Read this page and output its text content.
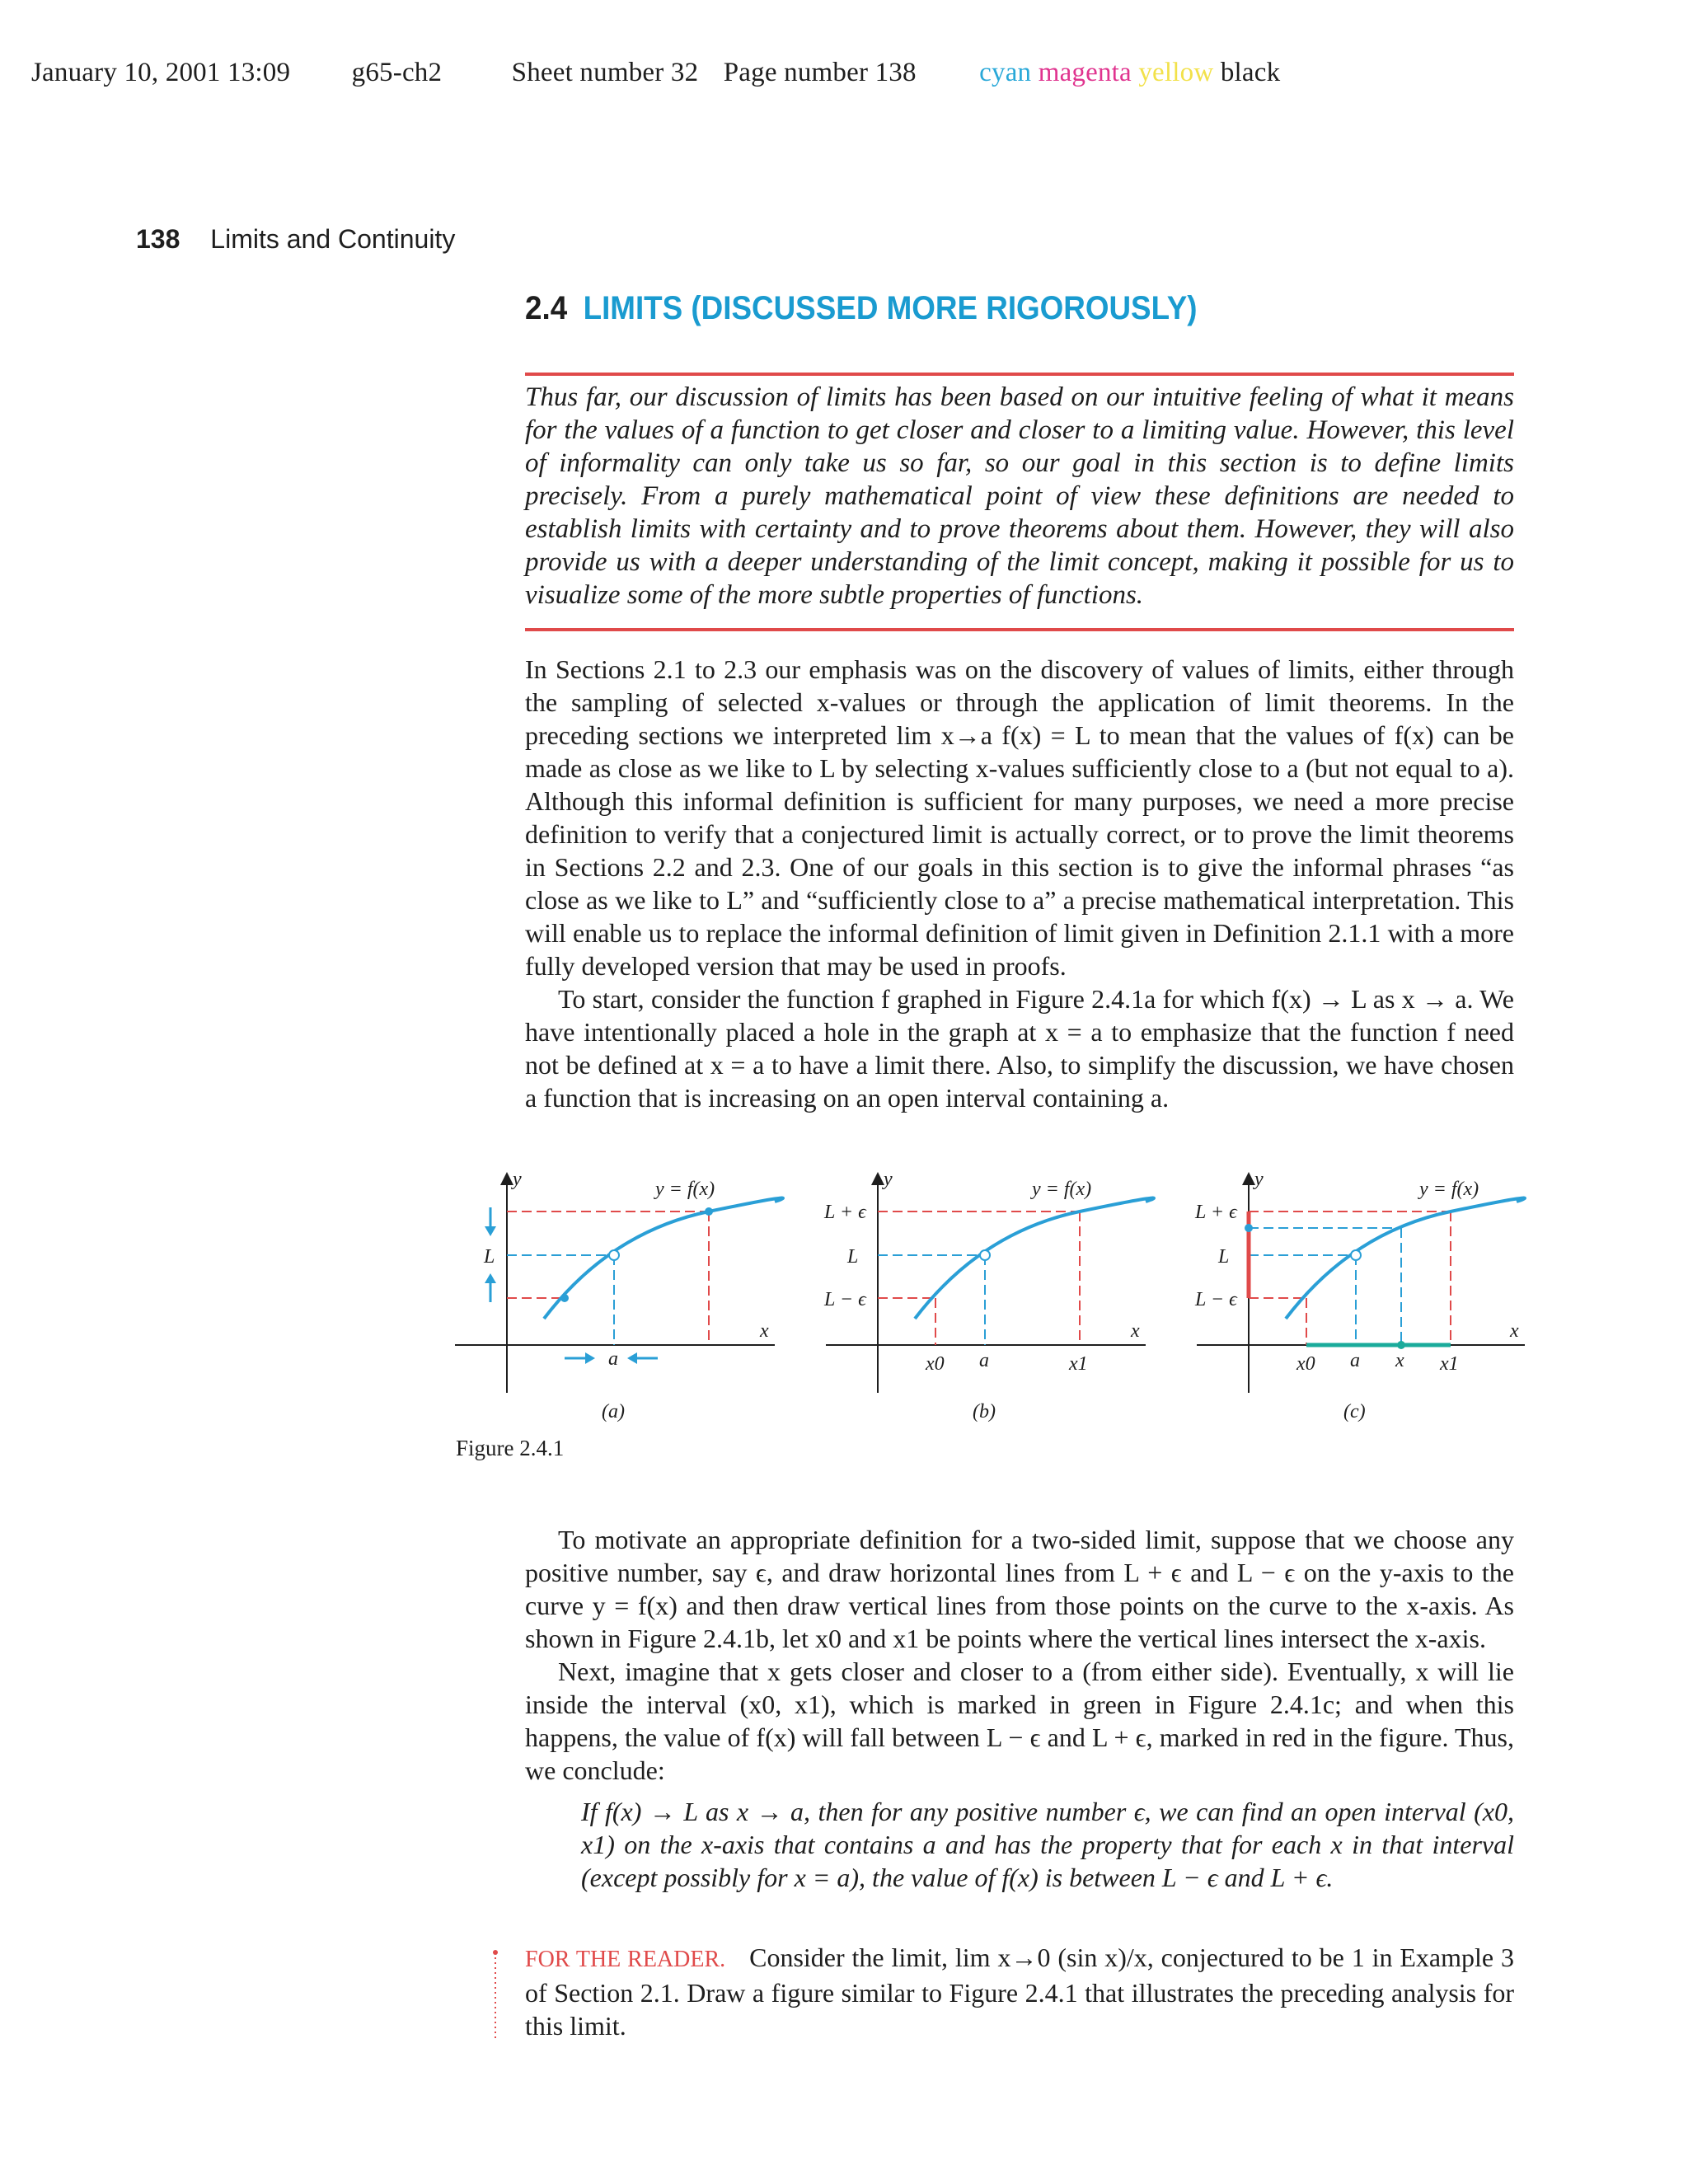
January 10, 2001 13:09 g65-ch2	Sheet number 32 Page number 138 cyan magenta yellow black
138 Limits and Continuity
2.4 LIMITS (DISCUSSED MORE RIGOROUSLY)
Thus far, our discussion of limits has been based on our intuitive feeling of what it means for the values of a function to get closer and closer to a limiting value. However, this level of informality can only take us so far, so our goal in this section is to define limits precisely. From a purely mathematical point of view these definitions are needed to establish limits with certainty and to prove theorems about them. However, they will also provide us with a deeper understanding of the limit concept, making it possible for us to visualize some of the more subtle properties of functions.

In Sections 2.1 to 2.3 our emphasis was on the discovery of values of limits, either through the sampling of selected x-values or through the application of limit theorems. In the preceding sections we interpreted lim x→a f(x) = L to mean that the values of f(x) can be made as close as we like to L by selecting x-values sufficiently close to a (but not equal to a). Although this informal definition is sufficient for many purposes, we need a more precise definition to verify that a conjectured limit is actually correct, or to prove the limit theorems in Sections 2.2 and 2.3. One of our goals in this section is to give the informal phrases “as close as we like to L” and “sufficiently close to a” a precise mathematical interpretation. This will enable us to replace the informal definition of limit given in Definition 2.1.1 with a more fully developed version that may be used in proofs.

To start, consider the function f graphed in Figure 2.4.1a for which f(x) → L as x → a. We have intentionally placed a hole in the graph at x = a to emphasize that the function f need not be defined at x = a to have a limit there. Also, to simplify the discussion, we have chosen a function that is increasing on an open interval containing a.

y	y = f(x)
L
a
x
(a)
y	y = f(x)
L + ϵ
L
L − ϵ
x0 a	x1
x
(b)
y	y = f(x)
L + ϵ
L
L − ϵ
x0 a x x1
x
(c)
Figure 2.4.1

To motivate an appropriate definition for a two-sided limit, suppose that we choose any positive number, say ϵ, and draw horizontal lines from L + ϵ and L − ϵ on the y-axis to the curve y = f(x) and then draw vertical lines from those points on the curve to the x-axis. As shown in Figure 2.4.1b, let x0 and x1 be points where the vertical lines intersect the x-axis.

Next, imagine that x gets closer and closer to a (from either side). Eventually, x will lie inside the interval (x0, x1), which is marked in green in Figure 2.4.1c; and when this happens, the value of f(x) will fall between L − ϵ and L + ϵ, marked in red in the figure. Thus, we conclude:

If f(x) → L as x → a, then for any positive number ϵ, we can find an open interval (x0, x1) on the x-axis that contains a and has the property that for each x in that interval (except possibly for x = a), the value of f(x) is between L − ϵ and L + ϵ.
FOR THE READER. Consider the limit, lim x→0 (sin x)/x, conjectured to be 1 in Example 3 of Section 2.1. Draw a figure similar to Figure 2.4.1 that illustrates the preceding analysis for this limit.
